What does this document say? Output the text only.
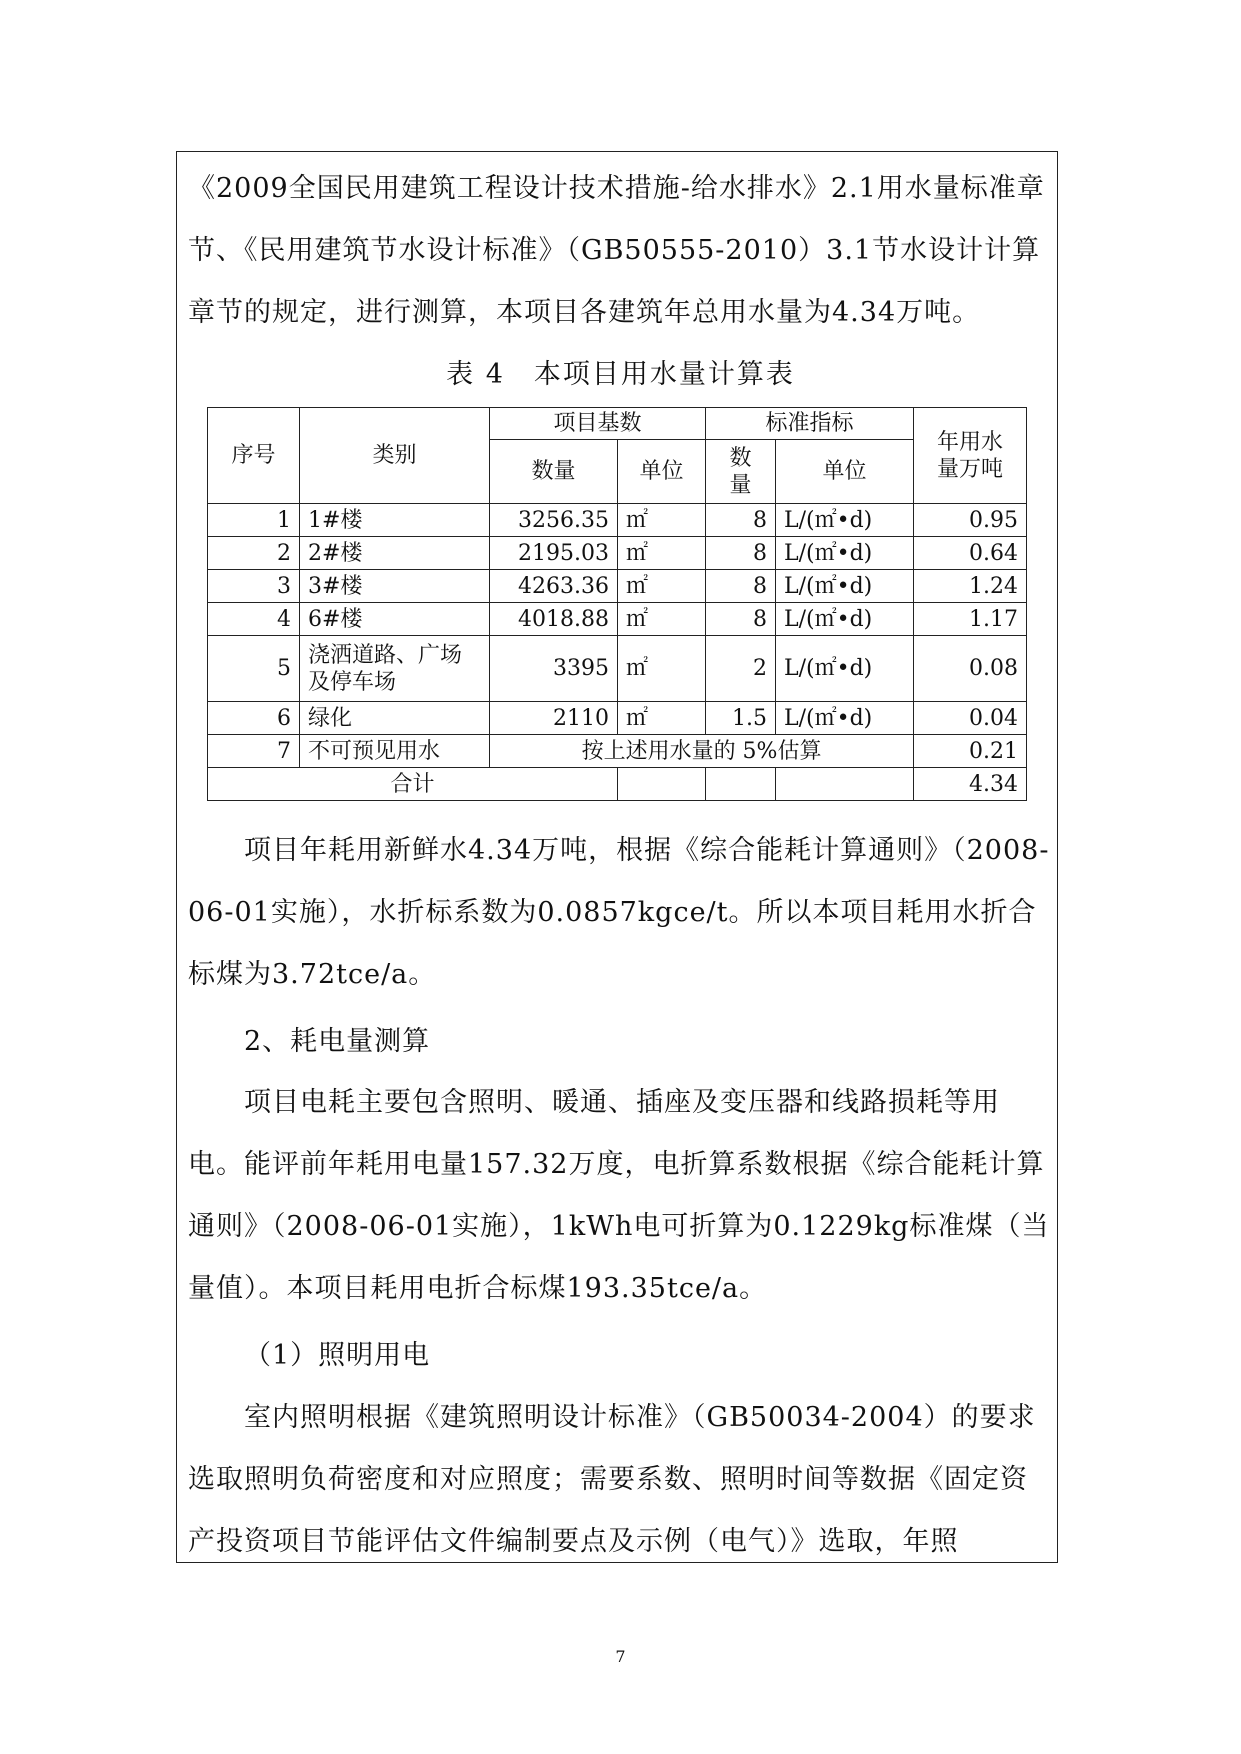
《2009全国民用建筑工程设计技术措施-给水排水》2.1用水量标准章节、《民用建筑节水设计标准》（GB50555-2010）3.1节水设计计算章节的规定，进行测算，本项目各建筑年总用水量为4.34万吨。

表 4　本项目用水量计算表
序号	类别	项目基数		标准指标		年用水量万吨
		数量	单位	数量	单位	
1	1#楼	3256.35	㎡	8	L/(㎡•d)	0.95
2	2#楼	2195.03	㎡	8	L/(㎡•d)	0.64
3	3#楼	4263.36	㎡	8	L/(㎡•d)	1.24
4	6#楼	4018.88	㎡	8	L/(㎡•d)	1.17
5	浇洒道路、广场及停车场	3395	㎡	2	L/(㎡•d)	0.08
6	绿化	2110	㎡	1.5	L/(㎡•d)	0.04
7	不可预见用水	按上述用水量的 5%估算				0.21
合计						4.34

项目年耗用新鲜水4.34万吨，根据《综合能耗计算通则》（2008-06-01实施），水折标系数为0.0857kgce/t。所以本项目耗用水折合标煤为3.72tce/a。

2、耗电量测算

项目电耗主要包含照明、暖通、插座及变压器和线路损耗等用电。能评前年耗用电量157.32万度，电折算系数根据《综合能耗计算通则》（2008-06-01实施），1kWh电可折算为0.1229kg标准煤（当量值）。本项目耗用电折合标煤193.35tce/a。

（1）照明用电

室内照明根据《建筑照明设计标准》（GB50034-2004）的要求选取照明负荷密度和对应照度；需要系数、照明时间等数据《固定资产投资项目节能评估文件编制要点及示例（电气）》选取，年照

7
